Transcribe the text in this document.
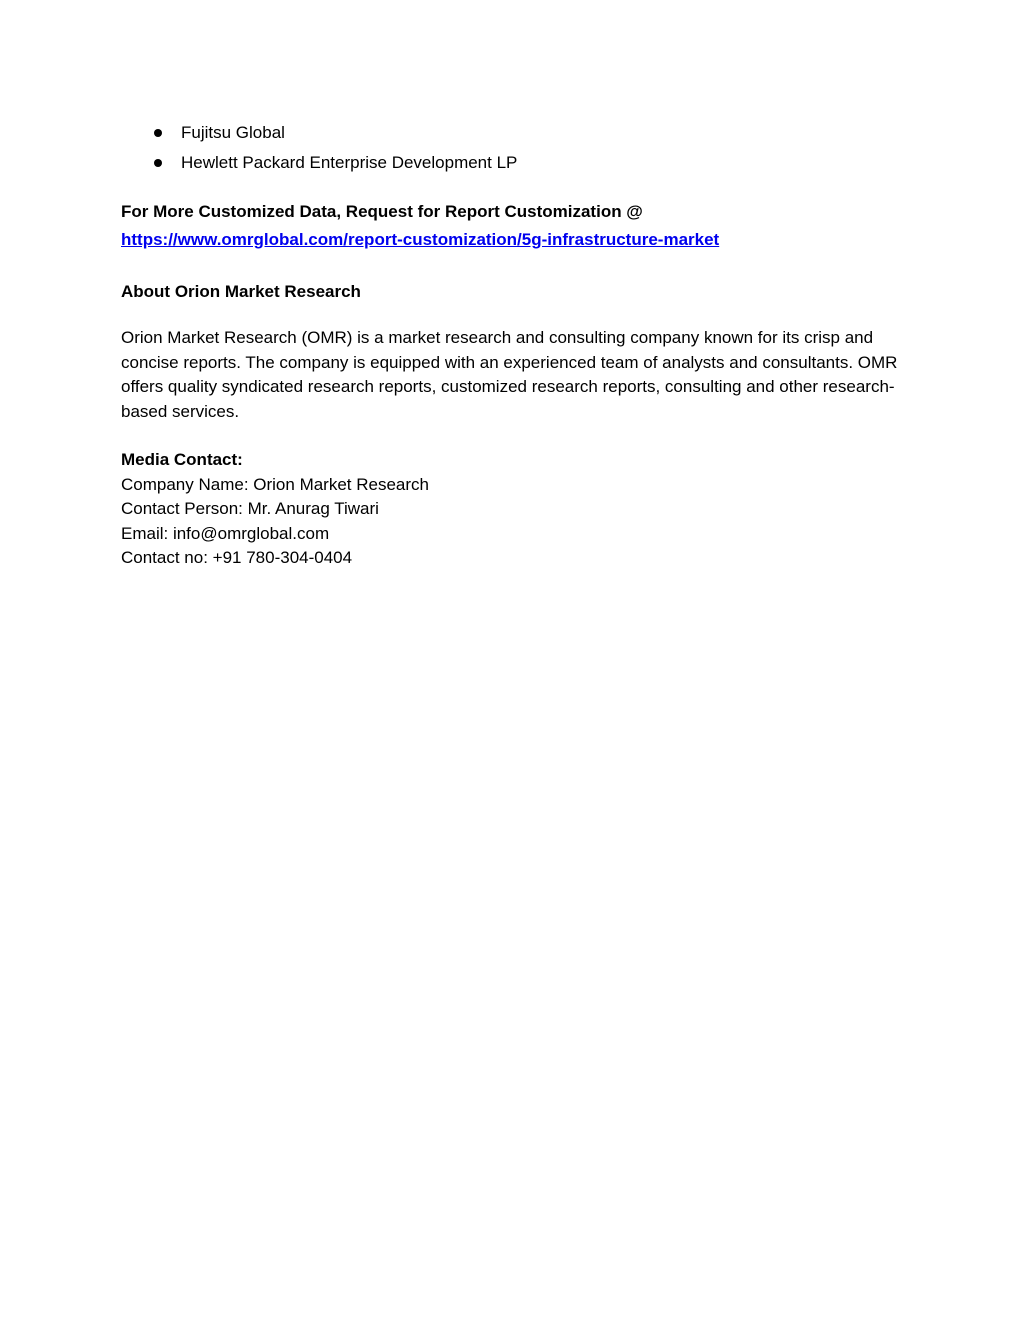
Fujitsu Global
Hewlett Packard Enterprise Development LP
For More Customized Data, Request for Report Customization @
https://www.omrglobal.com/report-customization/5g-infrastructure-market
About Orion Market Research

Orion Market Research (OMR) is a market research and consulting company known for its crisp and concise reports. The company is equipped with an experienced team of analysts and consultants. OMR offers quality syndicated research reports, customized research reports, consulting and other research-based services.

Media Contact:
Company Name: Orion Market Research
Contact Person: Mr. Anurag Tiwari
Email: info@omrglobal.com
Contact no: +91 780-304-0404
